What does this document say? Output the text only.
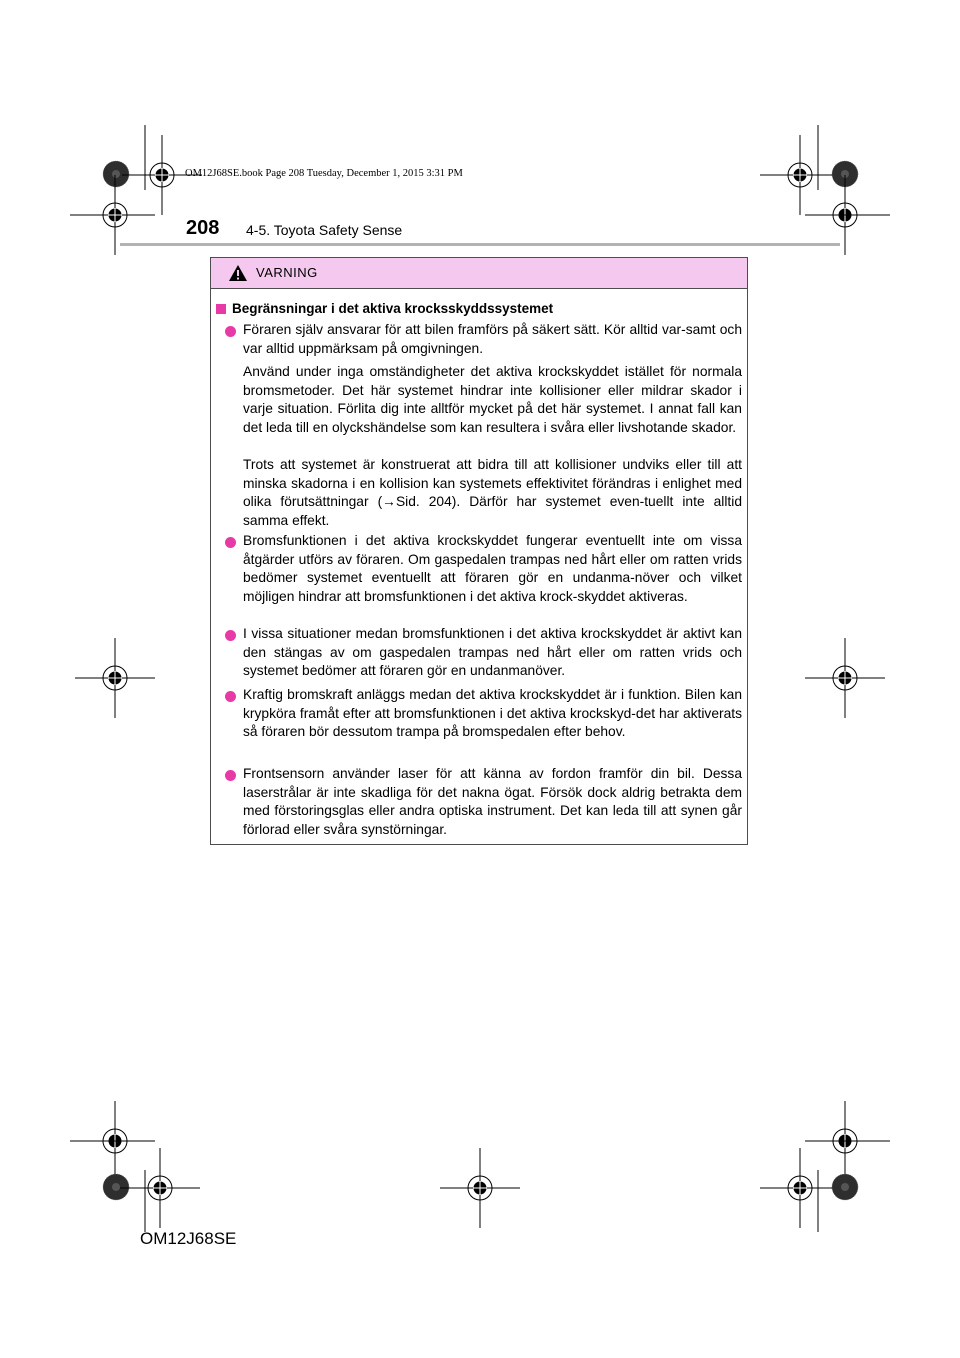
OM12J68SE.book Page 208 Tuesday, December 1, 2015 3:31 PM
208 4-5. Toyota Safety Sense
VARNING
Begränsningar i det aktiva krocksskyddssystemet
Föraren själv ansvarar för att bilen framförs på säkert sätt. Kör alltid var-samt och var alltid uppmärksam på omgivningen.
Använd under inga omständigheter det aktiva krockskyddet istället för normala bromsmetoder. Det här systemet hindrar inte kollisioner eller mildrar skador i varje situation. Förlita dig inte alltför mycket på det här systemet. I annat fall kan det leda till en olyckshändelse som kan resultera i svåra eller livshotande skador.
Trots att systemet är konstruerat att bidra till att kollisioner undviks eller till att minska skadorna i en kollision kan systemets effektivitet förändras i enlighet med olika förutsättningar (→Sid. 204). Därför har systemet even-tuellt inte alltid samma effekt.
Bromsfunktionen i det aktiva krockskyddet fungerar eventuellt inte om vissa åtgärder utförs av föraren. Om gaspedalen trampas ned hårt eller om ratten vrids bedömer systemet eventuellt att föraren gör en undanma-növer och vilket möjligen hindrar att bromsfunktionen i det aktiva krock-skyddet aktiveras.
I vissa situationer medan bromsfunktionen i det aktiva krockskyddet är aktivt kan den stängas av om gaspedalen trampas ned hårt eller om ratten vrids och systemet bedömer att föraren gör en undanmanöver.
Kraftig bromskraft anläggs medan det aktiva krockskyddet är i funktion. Bilen kan krypköra framåt efter att bromsfunktionen i det aktiva krockskyd-det har aktiverats så föraren bör dessutom trampa på bromspedalen efter behov.
Frontsensorn använder laser för att känna av fordon framför din bil. Dessa laserstrålar är inte skadliga för det nakna ögat. Försök dock aldrig betrakta dem med förstoringsglas eller andra optiska instrument. Det kan leda till att synen går förlorad eller svåra synstörningar.
OM12J68SE
